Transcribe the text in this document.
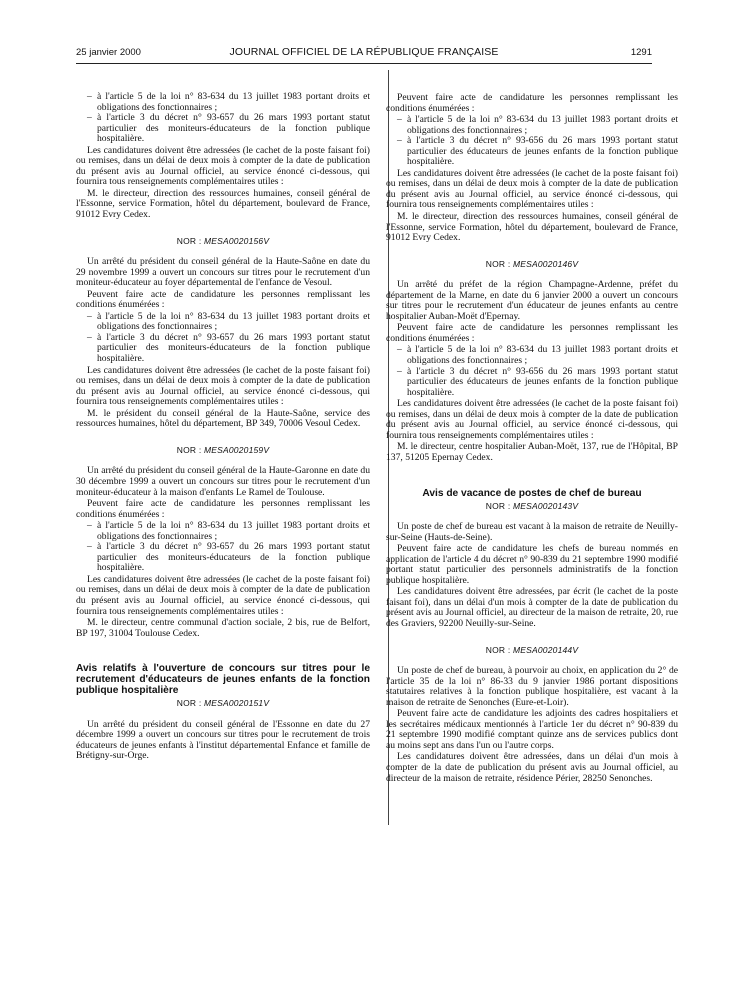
25 janvier 2000	JOURNAL OFFICIEL DE LA RÉPUBLIQUE FRANÇAISE	1291
– à l'article 5 de la loi n° 83-634 du 13 juillet 1983 portant droits et obligations des fonctionnaires ;
– à l'article 3 du décret n° 93-657 du 26 mars 1993 portant statut particulier des moniteurs-éducateurs de la fonction publique hospitalière.

Les candidatures doivent être adressées (le cachet de la poste faisant foi) ou remises, dans un délai de deux mois à compter de la date de publication du présent avis au Journal officiel, au service énoncé ci-dessous, qui fournira tous renseignements complémentaires utiles :

M. le directeur, direction des ressources humaines, conseil général de l'Essonne, service Formation, hôtel du département, boulevard de France, 91012 Evry Cedex.

NOR : MESA0020156V

Un arrêté du président du conseil général de la Haute-Saône en date du 29 novembre 1999 a ouvert un concours sur titres pour le recrutement d'un moniteur-éducateur au foyer départemental de l'enfance de Vesoul.

Peuvent faire acte de candidature les personnes remplissant les conditions énumérées :

– à l'article 5 de la loi n° 83-634 du 13 juillet 1983 portant droits et obligations des fonctionnaires ;
– à l'article 3 du décret n° 93-657 du 26 mars 1993 portant statut particulier des moniteurs-éducateurs de la fonction publique hospitalière.

Les candidatures doivent être adressées (le cachet de la poste faisant foi) ou remises, dans un délai de deux mois à compter de la date de publication du présent avis au Journal officiel, au service énoncé ci-dessous, qui fournira tous renseignements complémentaires utiles :

M. le président du conseil général de la Haute-Saône, service des ressources humaines, hôtel du département, BP 349, 70006 Vesoul Cedex.

NOR : MESA0020159V

Un arrêté du président du conseil général de la Haute-Garonne en date du 30 décembre 1999 a ouvert un concours sur titres pour le recrutement d'un moniteur-éducateur à la maison d'enfants Le Ramel de Toulouse.

Peuvent faire acte de candidature les personnes remplissant les conditions énumérées :

– à l'article 5 de la loi n° 83-634 du 13 juillet 1983 portant droits et obligations des fonctionnaires ;
– à l'article 3 du décret n° 93-657 du 26 mars 1993 portant statut particulier des moniteurs-éducateurs de la fonction publique hospitalière.

Les candidatures doivent être adressées (le cachet de la poste faisant foi) ou remises, dans un délai de deux mois à compter de la date de publication du présent avis au Journal officiel, au service énoncé ci-dessous, qui fournira tous renseignements complémentaires utiles :

M. le directeur, centre communal d'action sociale, 2 bis, rue de Belfort, BP 197, 31004 Toulouse Cedex.

Avis relatifs à l'ouverture de concours sur titres pour le recrutement d'éducateurs de jeunes enfants de la fonction publique hospitalière
NOR : MESA0020151V

Un arrêté du président du conseil général de l'Essonne en date du 27 décembre 1999 a ouvert un concours sur titres pour le recrutement de trois éducateurs de jeunes enfants à l'institut départemental Enfance et famille de Brétigny-sur-Orge.

Peuvent faire acte de candidature les personnes remplissant les conditions énumérées :

– à l'article 5 de la loi n° 83-634 du 13 juillet 1983 portant droits et obligations des fonctionnaires ;
– à l'article 3 du décret n° 93-656 du 26 mars 1993 portant statut particulier des éducateurs de jeunes enfants de la fonction publique hospitalière.

Les candidatures doivent être adressées (le cachet de la poste faisant foi) ou remises, dans un délai de deux mois à compter de la date de publication du présent avis au Journal officiel, au service énoncé ci-dessous, qui fournira tous renseignements complémentaires utiles :

M. le directeur, direction des ressources humaines, conseil général de l'Essonne, service Formation, hôtel du département, boulevard de France, 91012 Evry Cedex.

NOR : MESA0020146V

Un arrêté du préfet de la région Champagne-Ardenne, préfet du département de la Marne, en date du 6 janvier 2000 a ouvert un concours sur titres pour le recrutement d'un éducateur de jeunes enfants au centre hospitalier Auban-Moët d'Epernay.

Peuvent faire acte de candidature les personnes remplissant les conditions énumérées :

– à l'article 5 de la loi n° 83-634 du 13 juillet 1983 portant droits et obligations des fonctionnaires ;
– à l'article 3 du décret n° 93-656 du 26 mars 1993 portant statut particulier des éducateurs de jeunes enfants de la fonction publique hospitalière.

Les candidatures doivent être adressées (le cachet de la poste faisant foi) ou remises, dans un délai de deux mois à compter de la date de publication du présent avis au Journal officiel, au service énoncé ci-dessous, qui fournira tous renseignements complémentaires utiles :

M. le directeur, centre hospitalier Auban-Moët, 137, rue de l'Hôpital, BP 137, 51205 Epernay Cedex.

Avis de vacance de postes de chef de bureau
NOR : MESA0020143V

Un poste de chef de bureau est vacant à la maison de retraite de Neuilly-sur-Seine (Hauts-de-Seine).

Peuvent faire acte de candidature les chefs de bureau nommés en application de l'article 4 du décret n° 90-839 du 21 septembre 1990 modifié portant statut particulier des personnels administratifs de la fonction publique hospitalière.

Les candidatures doivent être adressées, par écrit (le cachet de la poste faisant foi), dans un délai d'un mois à compter de la date de publication du présent avis au Journal officiel, au directeur de la maison de retraite, 20, rue des Graviers, 92200 Neuilly-sur-Seine.

NOR : MESA0020144V

Un poste de chef de bureau, à pourvoir au choix, en application du 2° de l'article 35 de la loi n° 86-33 du 9 janvier 1986 portant dispositions statutaires relatives à la fonction publique hospitalière, est vacant à la maison de retraite de Senonches (Eure-et-Loir).

Peuvent faire acte de candidature les adjoints des cadres hospitaliers et les secrétaires médicaux mentionnés à l'article 1er du décret n° 90-839 du 21 septembre 1990 modifié comptant quinze ans de services publics dont au moins sept ans dans l'un ou l'autre corps.

Les candidatures doivent être adressées, dans un délai d'un mois à compter de la date de publication du présent avis au Journal officiel, au directeur de la maison de retraite, résidence Périer, 28250 Senonches.
